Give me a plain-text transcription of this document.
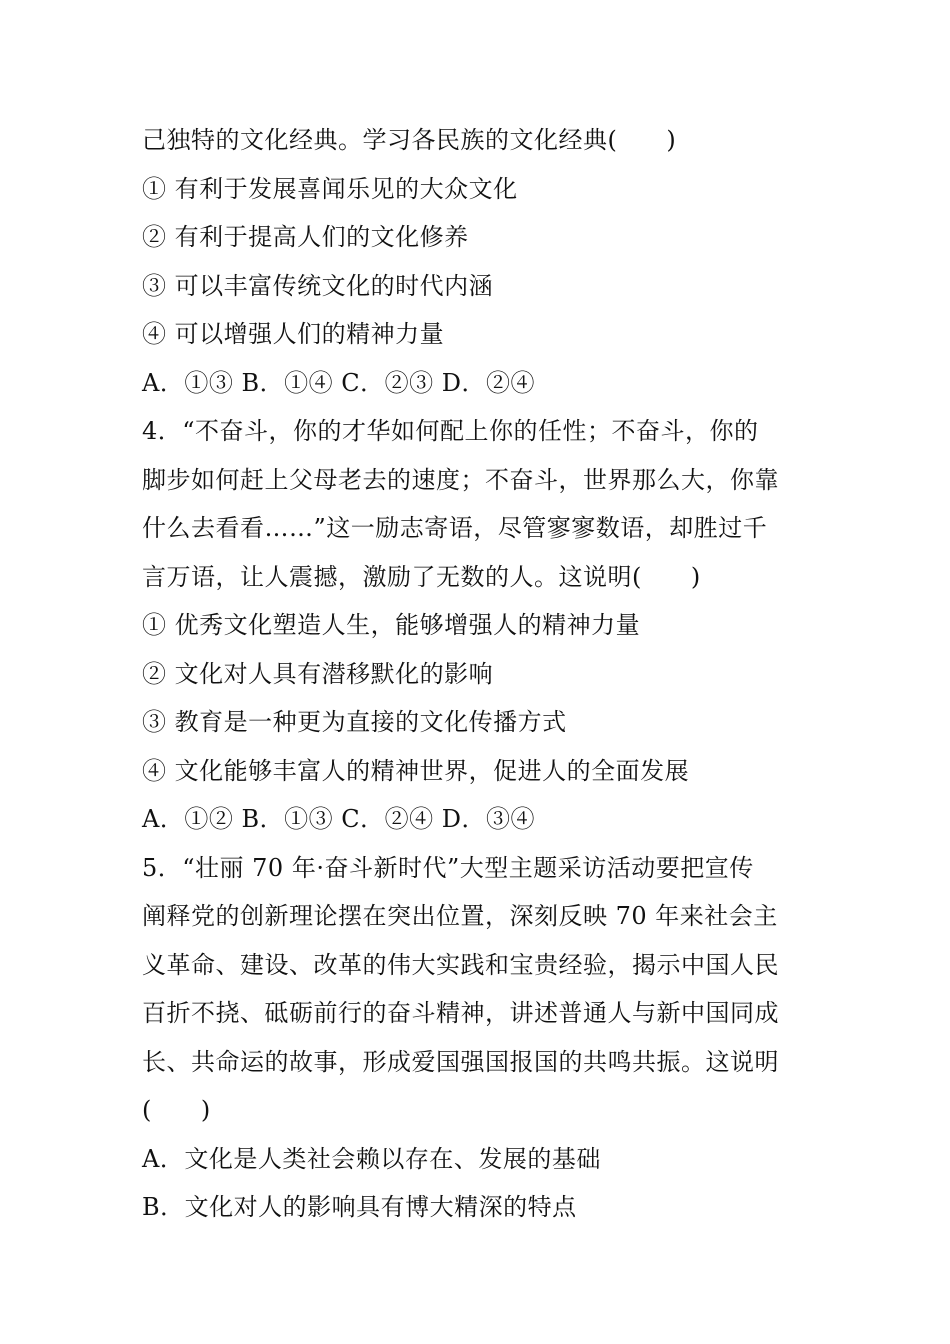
己独特的文化经典。学习各民族的文化经典(　　)
① 有利于发展喜闻乐见的大众文化
② 有利于提高人们的文化修养
③ 可以丰富传统文化的时代内涵
④ 可以增强人们的精神力量
A．①③ B．①④ C．②③ D．②④
4．“不奋斗，你的才华如何配上你的任性；不奋斗，你的
脚步如何赶上父母老去的速度；不奋斗，世界那么大，你靠
什么去看看……”这一励志寄语，尽管寥寥数语，却胜过千
言万语，让人震撼，激励了无数的人。这说明(　　)
① 优秀文化塑造人生，能够增强人的精神力量
② 文化对人具有潜移默化的影响
③ 教育是一种更为直接的文化传播方式
④ 文化能够丰富人的精神世界，促进人的全面发展
A．①② B．①③ C．②④ D．③④
5．“壮丽 70 年·奋斗新时代”大型主题采访活动要把宣传
阐释党的创新理论摆在突出位置，深刻反映 70 年来社会主
义革命、建设、改革的伟大实践和宝贵经验，揭示中国人民
百折不挠、砥砺前行的奋斗精神，讲述普通人与新中国同成
长、共命运的故事，形成爱国强国报国的共鸣共振。这说明
(　　)
A．文化是人类社会赖以存在、发展的基础
B．文化对人的影响具有博大精深的特点
